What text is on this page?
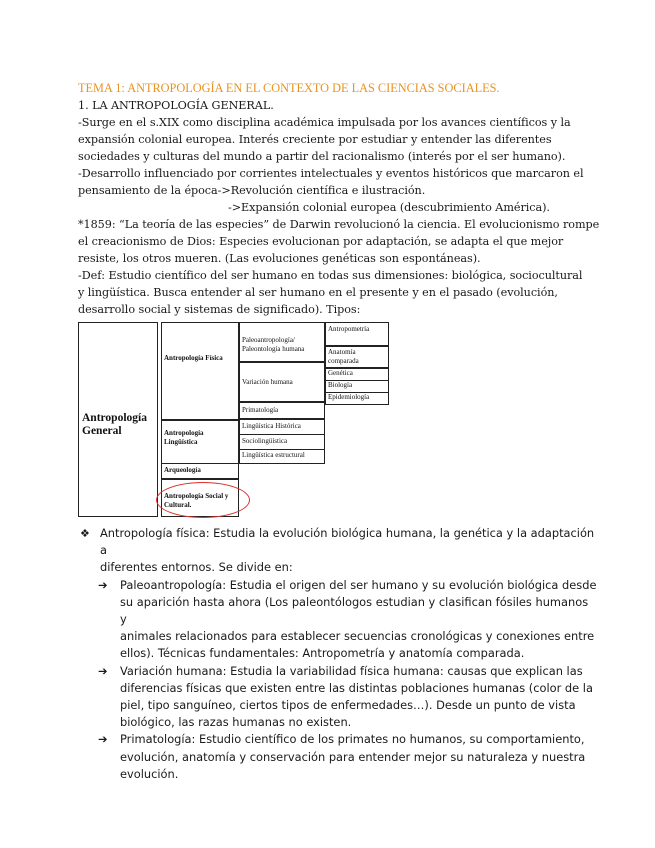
TEMA 1: ANTROPOLOGÍA EN EL CONTEXTO DE LAS CIENCIAS SOCIALES.

1. LA ANTROPOLOGÍA GENERAL.

-Surge en el s.XIX como disciplina académica impulsada por los avances científicos y la

expansión colonial europea. Interés creciente por estudiar y entender las diferentes

sociedades y culturas del mundo a partir del racionalismo (interés por el ser humano).

-Desarrollo influenciado por corrientes intelectuales y eventos históricos que marcaron el

pensamiento de la época->Revolución científica e ilustración.

->Expansión colonial europea (descubrimiento América).

*1859: “La teoría de las especies” de Darwin revolucionó la ciencia. El evolucionismo rompe

el creacionismo de Dios: Especies evolucionan por adaptación, se adapta el que mejor

resiste, los otros mueren. (Las evoluciones genéticas son espontáneas).

-Def: Estudio científico del ser humano en todas sus dimensiones: biológica, sociocultural

y lingüística. Busca entender al ser humano en el presente y en el pasado (evolución,

desarrollo social y sistemas de significado). Tipos:

Antropología
General
Antropología Física
Antropología
Lingüística
Arqueología
Antropología Social y
Cultural.
Paleoantropología/
Paleontología humana
Variación humana
Primatología
Lingüística Histórica
Sociolingüística
Lingüística estructural
Antropometría
Anatomía
comparada
Genética
Biología
Epidemiología
❖ Antropología física: Estudia la evolución biológica humana, la genética y la adaptación a
diferentes entornos. Se divide en:
➔ Paleoantropología: Estudia el origen del ser humano y su evolución biológica desde
su aparición hasta ahora (Los paleontólogos estudian y clasifican fósiles humanos y
animales relacionados para establecer secuencias cronológicas y conexiones entre
ellos). Técnicas fundamentales: Antropometría y anatomía comparada.
➔ Variación humana: Estudia la variabilidad física humana: causas que explican las
diferencias físicas que existen entre las distintas poblaciones humanas (color de la
piel, tipo sanguíneo, ciertos tipos de enfermedades…). Desde un punto de vista
biológico, las razas humanas no existen.
➔ Primatología: Estudio científico de los primates no humanos, su comportamiento,
evolución, anatomía y conservación para entender mejor su naturaleza y nuestra
evolución.
